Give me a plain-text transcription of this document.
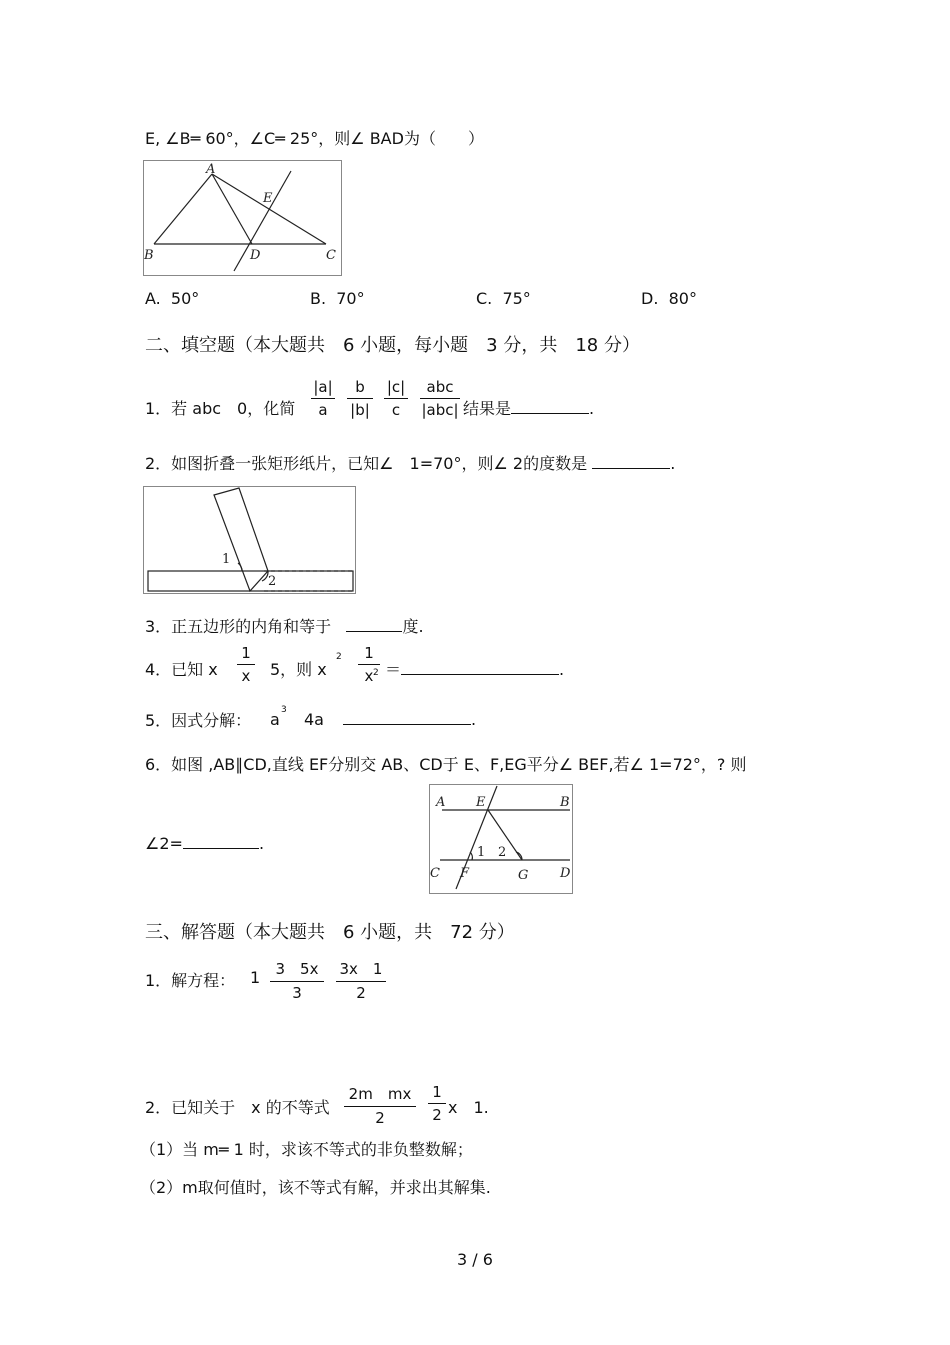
E, ∠B═ 60°，∠C═ 25°，则∠ BAD为（　　）
A
B	C
D
E
A. 50°	B. 70°	C. 75°	D. 80°
二、填空题（本大题共　6 小题，每小题　3 分，共　18 分）
1．若 abc　0，化简 $\frac{|a|}{a} \frac{b}{|b|} \frac{|c|}{c}$	abc
|abc| 结果是	.
2．如图折叠一张矩形纸片，已知∠　1=70°，则∠ 2的度数是	.
1
2
3．正五边形的内角和等于	度.
4．已知 x $\frac{1}{x} 5$，则 x
$2 \frac{1}{x}$
2 ＝	.
5．因式分解： a 3 4a	.
6．如图 ,AB∥CD,直线 EF分别交 AB、CD于 E、F,EG平分∠ BEF,若∠ 1=72°，? 则
∠2=	.
A E	B
C F	G D
1 2
三、解答题（本大题共　6 小题，共　72 分）
1．解方程： $1 \frac{3 5x}{3} \frac{3x 1}{2}$
2．已知关于　x 的不等式 $\frac{\text{2m　mx}}{2} \frac{1}{2}$ x　1.
（1）当 m═ 1 时，求该不等式的非负整数解；
（2）m取何值时，该不等式有解，并求出其解集.
3 / 6
